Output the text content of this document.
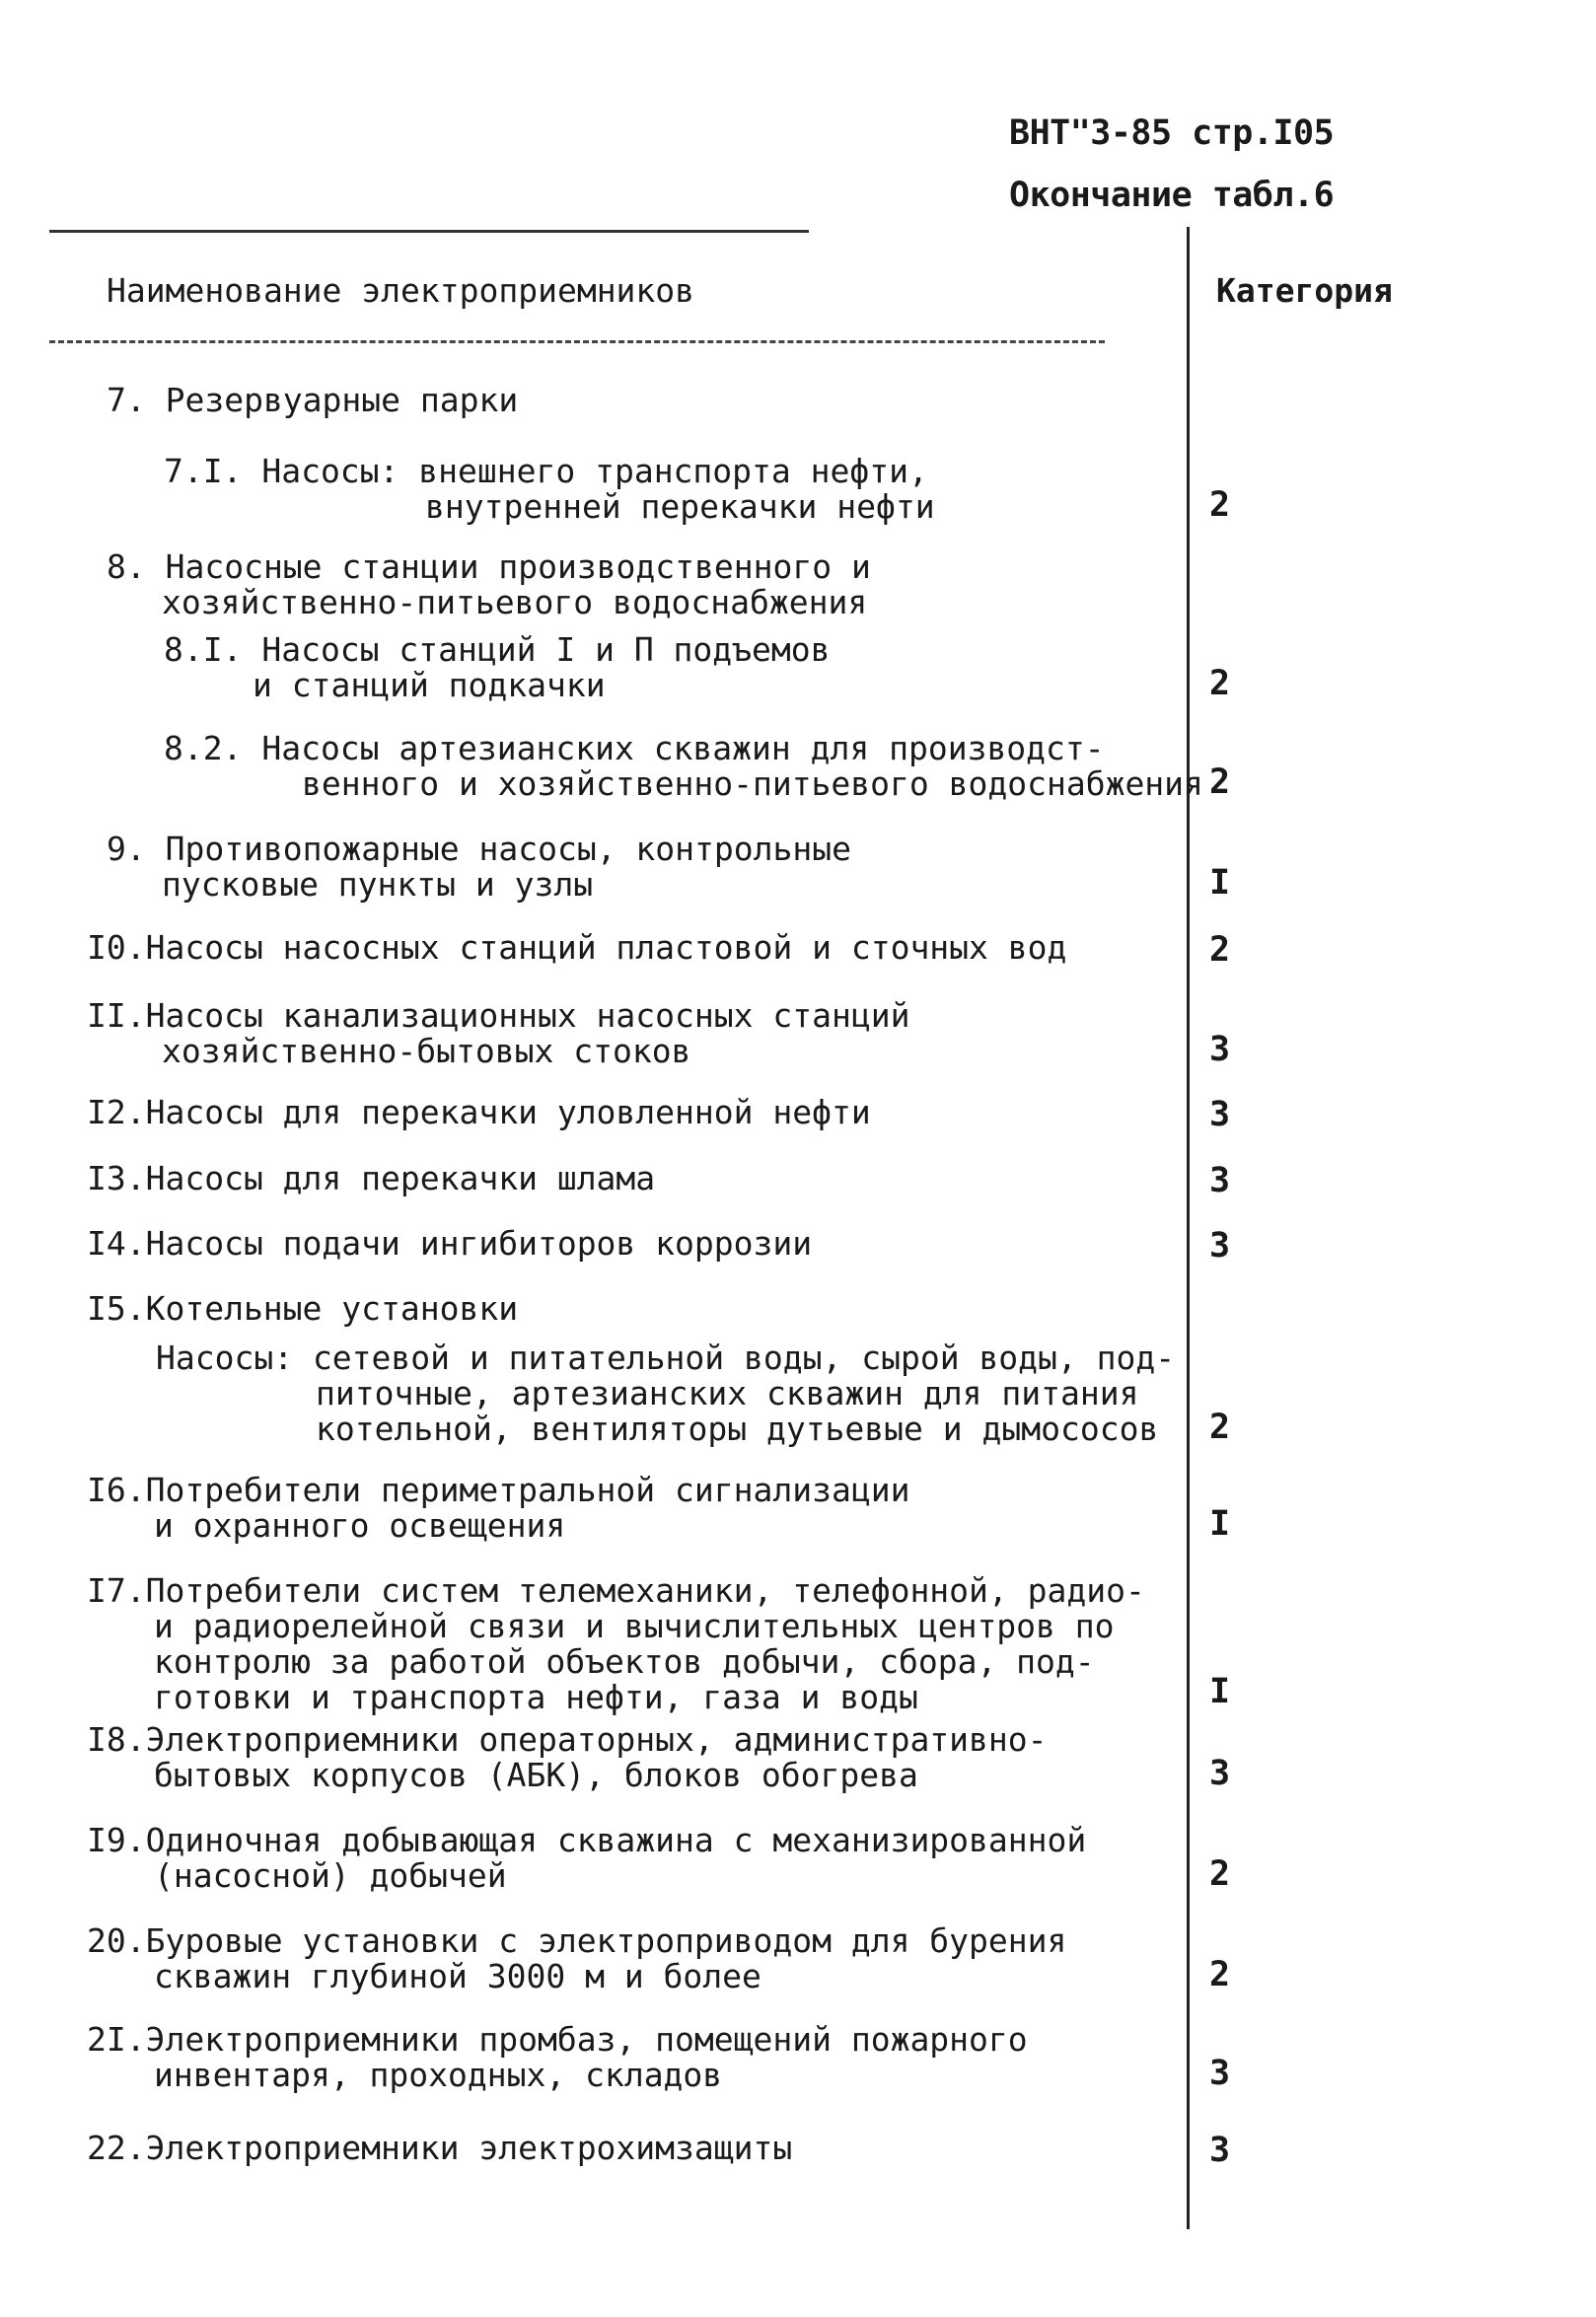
ВНТ"3-85 стр.I05
Окончание табл.6
Наименование электроприемников	Категория
7. Резервуарные парки
7.I. Насосы: внешнего транспорта нефти,
внутренней перекачки нефти	2
8. Насосные станции производственного и
хозяйственно-питьевого водоснабжения
8.I. Насосы станций I и П подъемов
и станций подкачки	2
8.2. Насосы артезианских скважин для производст-
венного и хозяйственно-питьевого водоснабжения 2
9. Противопожарные насосы, контрольные
пусковые пункты и узлы	I
I0.Насосы насосных станций пластовой и сточных вод	2
II.Насосы канализационных насосных станций
хозяйственно-бытовых стоков	3
I2.Насосы для перекачки уловленной нефти	3
I3.Насосы для перекачки шлама	3
I4.Насосы подачи ингибиторов коррозии	3
I5.Котельные установки
Насосы: сетевой и питательной воды, сырой воды, под-
питочные, артезианских скважин для питания
котельной, вентиляторы дутьевые и дымососов	2
I6.Потребители периметральной сигнализации
и охранного освещения	I
I7.Потребители систем телемеханики, телефонной, радио-
и радиорелейной связи и вычислительных центров по
контролю за работой объектов добычи, сбора, под-
готовки и транспорта нефти, газа и воды	I
I8.Электроприемники операторных, административно-
бытовых корпусов (АБК), блоков обогрева	3
I9.Одиночная добывающая скважина с механизированной
(насосной) добычей	2
20.Буровые установки с электроприводом для бурения
скважин глубиной 3000 м и более	2
2I.Электроприемники промбаз, помещений пожарного
инвентаря, проходных, складов	3
22.Электроприемники электрохимзащиты	3
